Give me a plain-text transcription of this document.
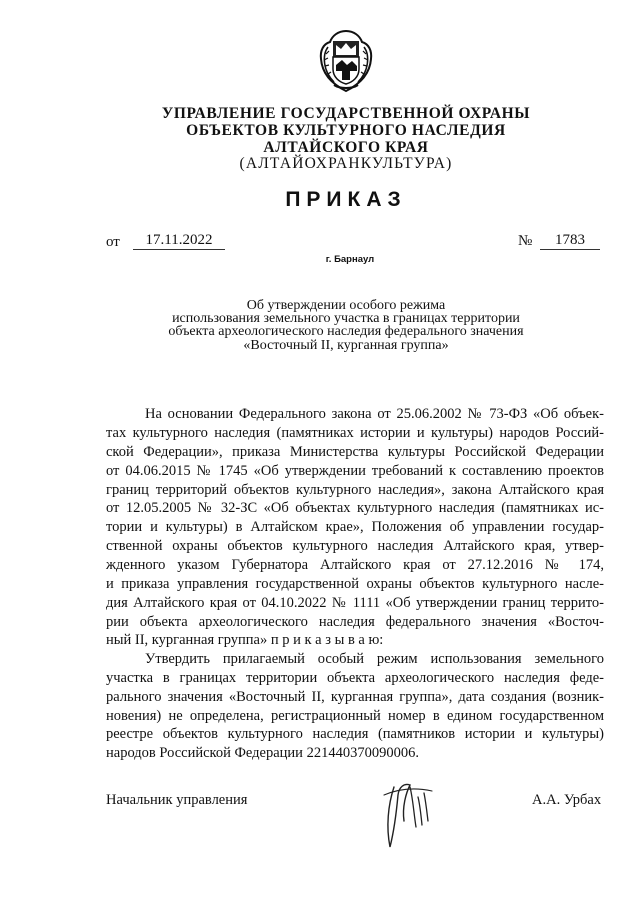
УПРАВЛЕНИЕ ГОСУДАРСТВЕННОЙ ОХРАНЫ
ОБЪЕКТОВ КУЛЬТУРНОГО НАСЛЕДИЯ
АЛТАЙСКОГО КРАЯ
(АЛТАЙОХРАНКУЛЬТУРА)
ПРИКАЗ
от	17.11.2022	№	1783
г. Барнаул
Об утверждении особого режима
использования земельного участка в границах территории
объекта археологического наследия федерального значения
«Восточный II, курганная группа»
На основании Федерального закона от 25.06.2002 № 73-ФЗ «Об объек-
тах культурного наследия (памятниках истории и культуры) народов Россий-
ской Федерации», приказа Министерства культуры Российской Федерации
от 04.06.2015 № 1745 «Об утверждении требований к составлению проектов
границ территорий объектов культурного наследия», закона Алтайского края
от 12.05.2005 № 32-ЗС «Об объектах культурного наследия (памятниках ис-
тории и культуры) в Алтайском крае», Положения об управлении государ-
ственной охраны объектов культурного наследия Алтайского края, утвер-
жденного указом Губернатора Алтайского края от 27.12.2016 № 174,
и приказа управления государственной охраны объектов культурного насле-
дия Алтайского края от 04.10.2022 № 1111 «Об утверждении границ террито-
рии объекта археологического наследия федерального значения «Восточ-
ный II, курганная группа» п р и к а з ы в а ю:
Утвердить прилагаемый особый режим использования земельного
участка в границах территории объекта археологического наследия феде-
рального значения «Восточный II, курганная группа», дата создания (возник-
новения) не определена, регистрационный номер в едином государственном
реестре объектов культурного наследия (памятников истории и культуры)
народов Российской Федерации 221440370090006.
Начальник управления	А.А. Урбах
